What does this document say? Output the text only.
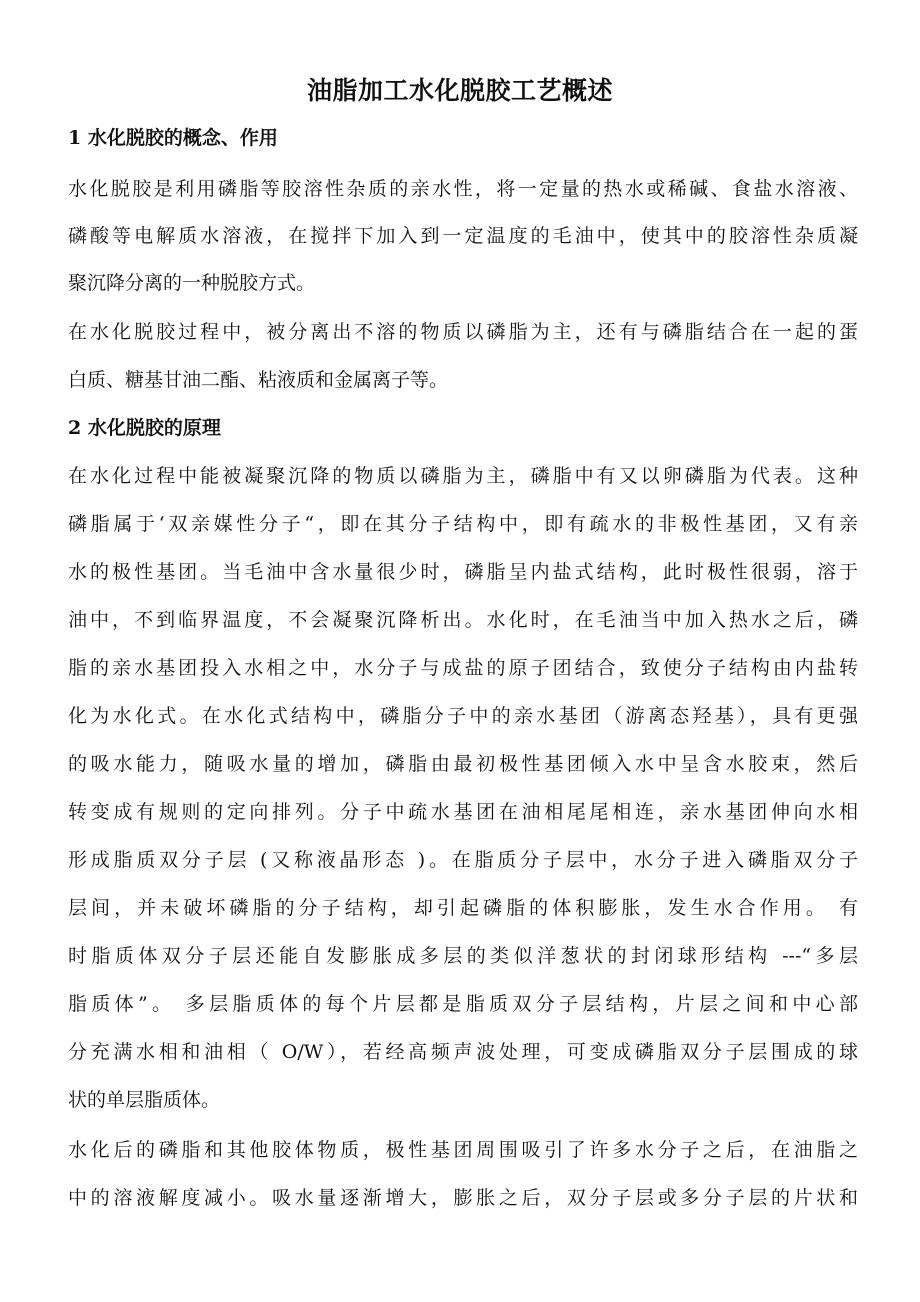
油脂加工水化脱胶工艺概述
1 水化脱胶的概念、作用
水化脱胶是利用磷脂等胶溶性杂质的亲水性，将一定量的热水或稀碱、食盐水溶液、
磷酸等电解质水溶液，在搅拌下加入到一定温度的毛油中，使其中的胶溶性杂质凝
聚沉降分离的一种脱胶方式。
在水化脱胶过程中，被分离出不溶的物质以磷脂为主，还有与磷脂结合在一起的蛋
白质、糖基甘油二酯、粘液质和金属离子等。
2 水化脱胶的原理
在水化过程中能被凝聚沉降的物质以磷脂为主，磷脂中有又以卵磷脂为代表。这种
磷脂属于‘双亲媒性分子“，即在其分子结构中，即有疏水的非极性基团，又有亲
水的极性基团。当毛油中含水量很少时，磷脂呈内盐式结构，此时极性很弱，溶于
油中，不到临界温度，不会凝聚沉降析出。水化时，在毛油当中加入热水之后，磷
脂的亲水基团投入水相之中，水分子与成盐的原子团结合，致使分子结构由内盐转
化为水化式。在水化式结构中，磷脂分子中的亲水基团（游离态羟基），具有更强
的吸水能力，随吸水量的增加，磷脂由最初极性基团倾入水中呈含水胶束，然后
转变成有规则的定向排列。分子中疏水基团在油相尾尾相连，亲水基团伸向水相
形成脂质双分子层 (又称液晶形态 )。在脂质分子层中，水分子进入磷脂双分子
层间，并未破坏磷脂的分子结构，却引起磷脂的体积膨胀，发生水合作用。 有
时脂质体双分子层还能自发膨胀成多层的类似洋葱状的封闭球形结构 ---“多层
脂质体”。 多层脂质体的每个片层都是脂质双分子层结构，片层之间和中心部
分充满水相和油相（ O/W），若经高频声波处理，可变成磷脂双分子层围成的球
状的单层脂质体。
水化后的磷脂和其他胶体物质，极性基团周围吸引了许多水分子之后，在油脂之
中的溶液解度减小。吸水量逐渐增大，膨胀之后，双分子层或多分子层的片状和
